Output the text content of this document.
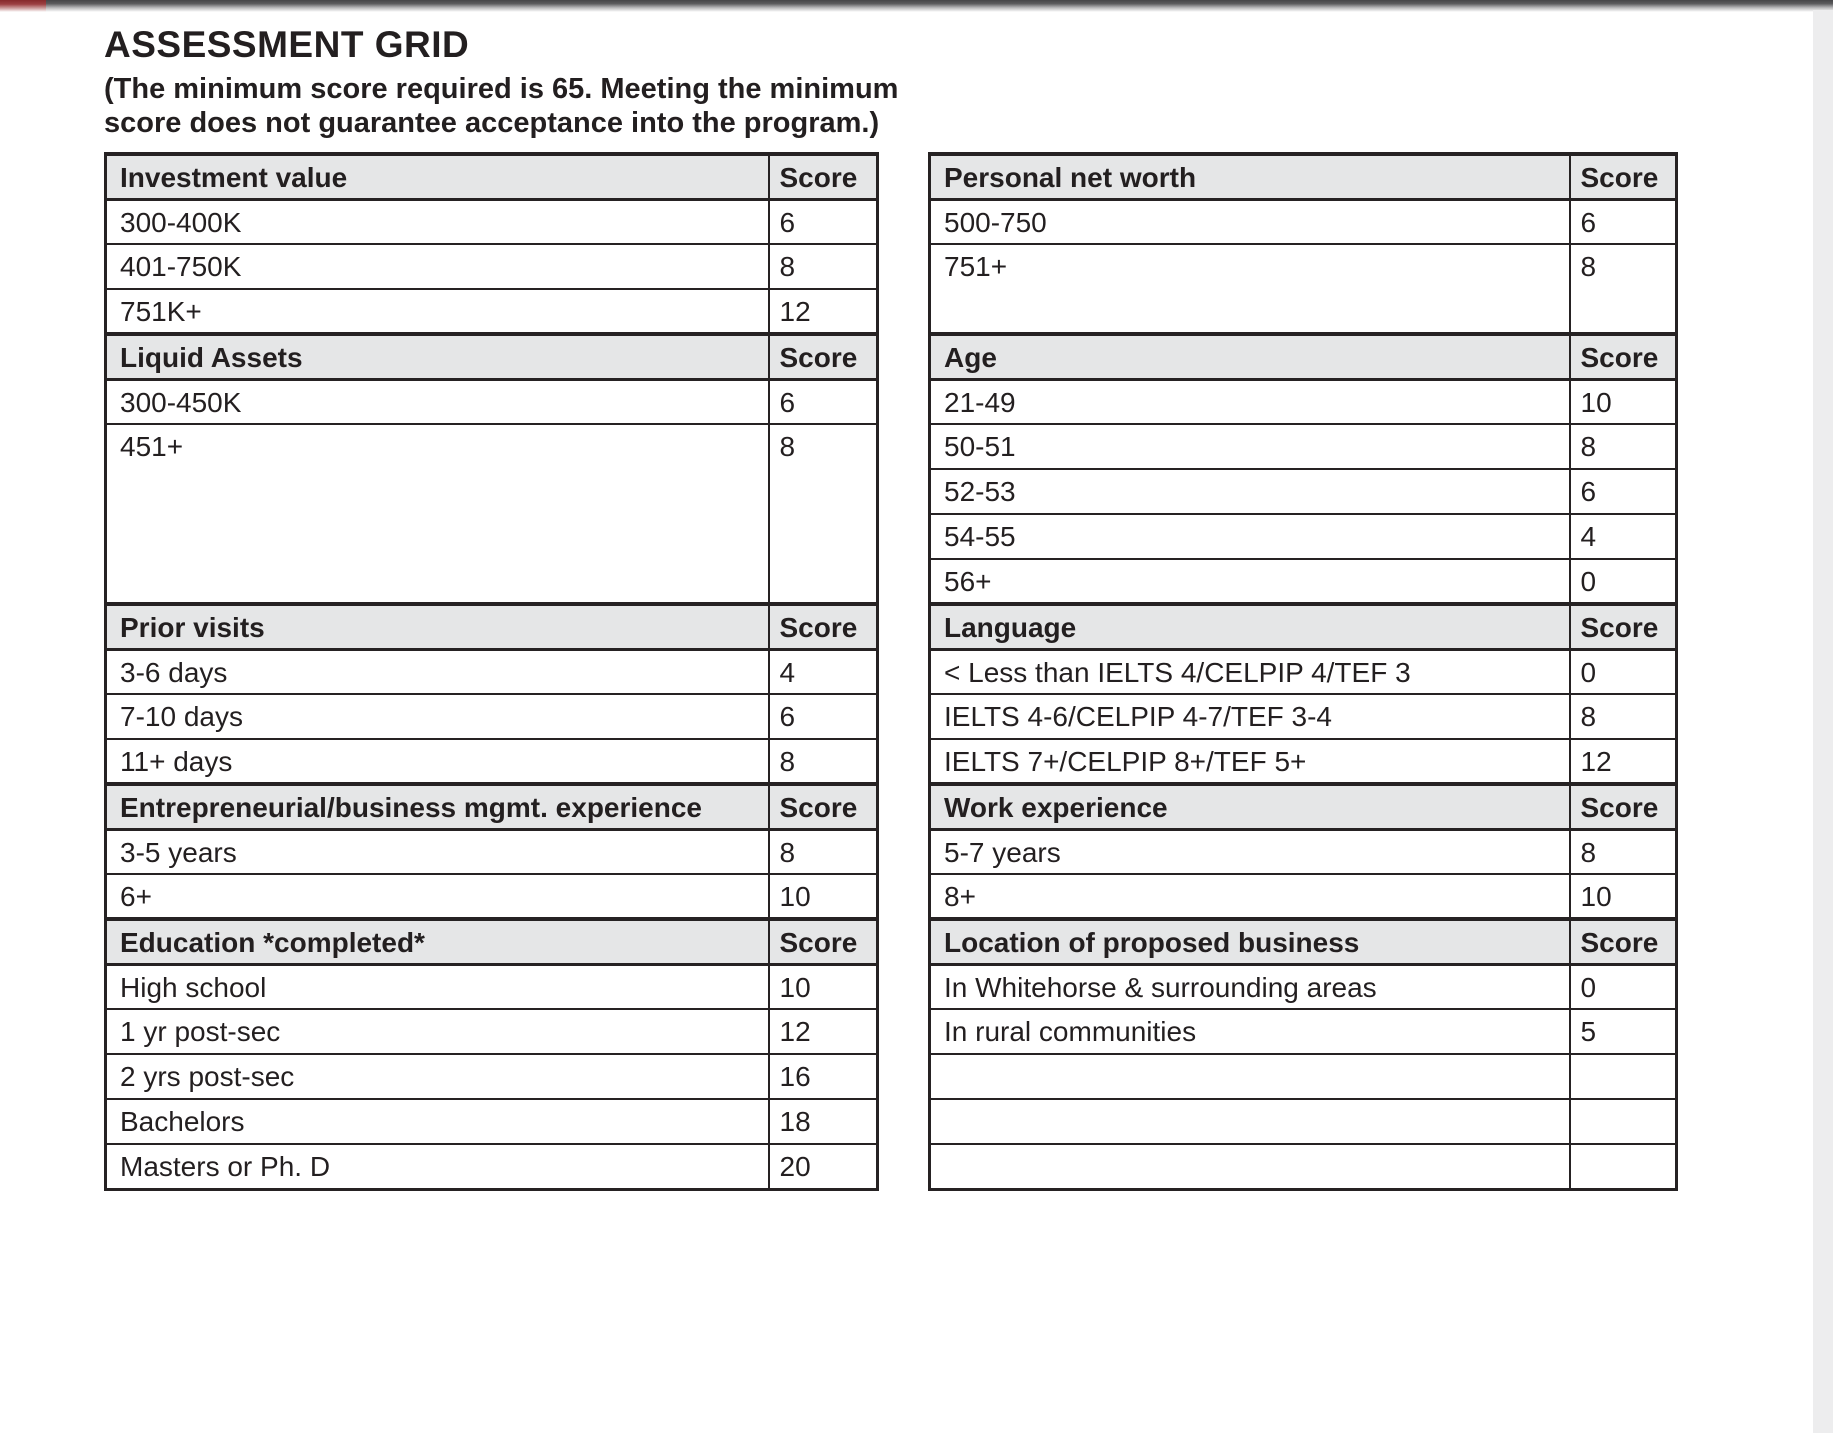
ASSESSMENT GRID
(The minimum score required is 65. Meeting the minimum
score does not guarantee acceptance into the program.)
Investment value	Score
300-400K	6
401-750K	8
751K+	12
Liquid Assets	Score
300-450K	6
451+	8
Prior visits	Score
3-6 days	4
7-10 days	6
11+ days	8
Entrepreneurial/business mgmt. experience	Score
3-5 years	8
6+	10
Education *completed*	Score
High school	10
1 yr post-sec	12
2 yrs post-sec	16
Bachelors	18
Masters or Ph. D	20
Personal net worth	Score
500-750	6
751+	8
Age	Score
21-49	10
50-51	8
52-53	6
54-55	4
56+	0
Language	Score
< Less than IELTS 4/CELPIP 4/TEF 3	0
IELTS 4-6/CELPIP 4-7/TEF 3-4	8
IELTS 7+/CELPIP 8+/TEF 5+	12
Work experience	Score
5-7 years	8
8+	10
Location of proposed business	Score
In Whitehorse & surrounding areas	0
In rural communities	5
